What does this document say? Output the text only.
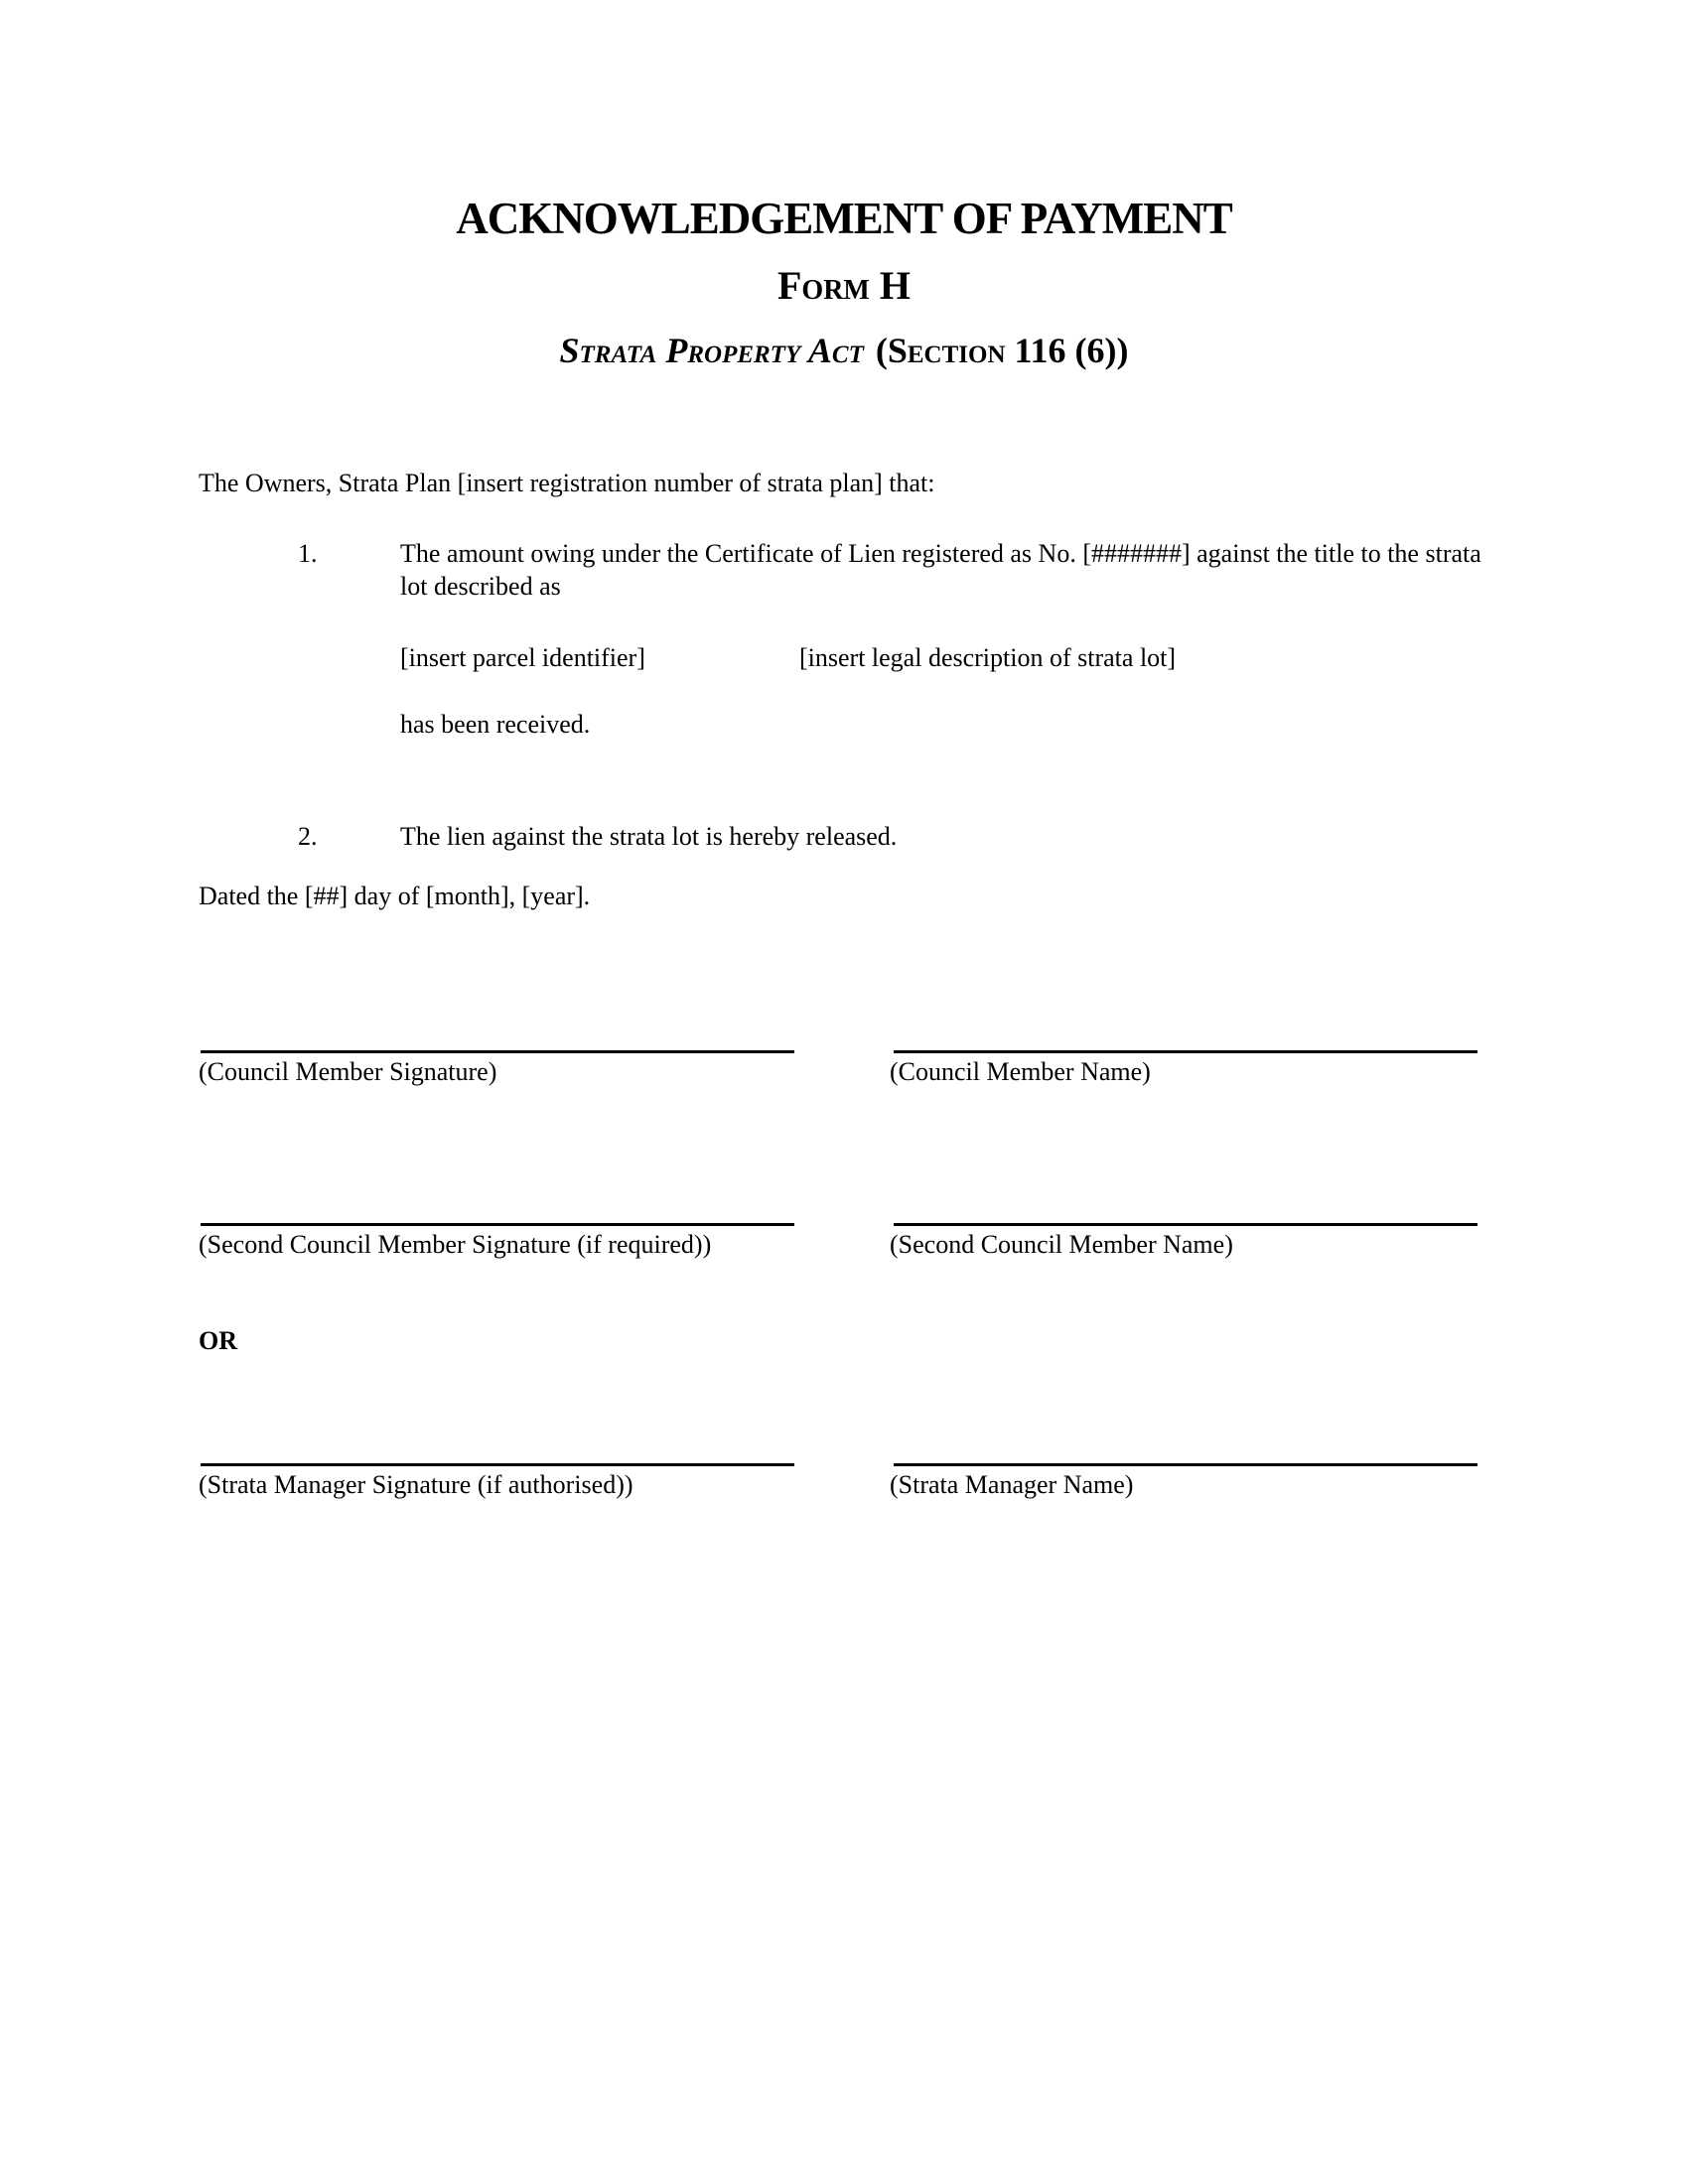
ACKNOWLEDGEMENT OF PAYMENT
Form H
Strata Property Act (Section 116 (6))

The Owners, Strata Plan [insert registration number of strata plan] that:

1.	The amount owing under the Certificate of Lien registered as No. [#######] against the title to the strata lot described as
[insert parcel identifier]	[insert legal description of strata lot]

has been received.

2.	The lien against the strata lot is hereby released.

Dated the [##] day of [month], [year].

(Council Member Signature)	(Council Member Name)
(Second Council Member Signature (if required))	(Second Council Member Name)
OR
(Strata Manager Signature (if authorised))	(Strata Manager Name)
